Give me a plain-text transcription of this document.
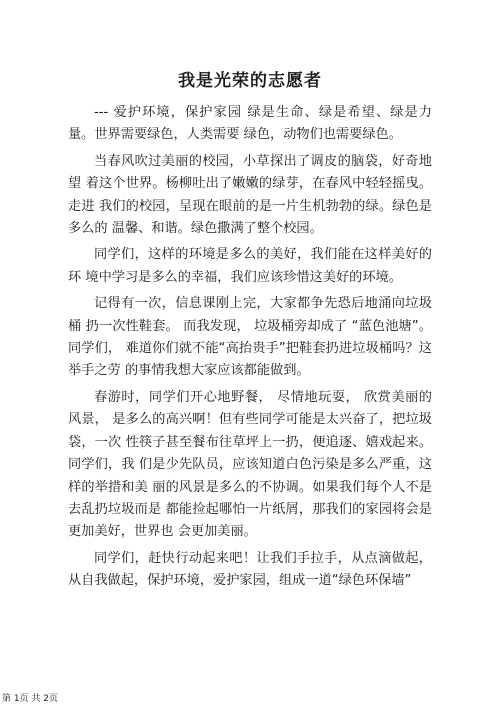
我是光荣的志愿者

--- 爱护环境，保护家园 绿是生命、绿是希望、绿是力量。世界需要绿色，人类需要 绿色，动物们也需要绿色。

当春风吹过美丽的校园，小草探出了调皮的脑袋，好奇地望 着这个世界。杨柳吐出了嫩嫩的绿芽，在春风中轻轻摇曳。走进 我们的校园，呈现在眼前的是一片生机勃勃的绿。绿色是多么的 温馨、和谐。绿色撒满了整个校园。

同学们，这样的环境是多么的美好，我们能在这样美好的环 境中学习是多么的幸福，我们应该珍惜这美好的环境。

记得有一次，信息课刚上完，大家都争先恐后地涌向垃圾桶 扔一次性鞋套。 而我发现， 垃圾桶旁却成了 “蓝色池塘”。同学们， 难道你们就不能“高抬贵手”把鞋套扔进垃圾桶吗？这举手之劳 的事情我想大家应该都能做到。

春游时，同学们开心地野餐， 尽情地玩耍， 欣赏美丽的风景， 是多么的高兴啊！但有些同学可能是太兴奋了，把垃圾袋，一次 性筷子甚至餐布往草坪上一扔，便追逐、嬉戏起来。同学们，我 们是少先队员，应该知道白色污染是多么严重，这样的举措和美 丽的风景是多么的不协调。如果我们每个人不是去乱扔垃圾而是 都能捡起哪怕一片纸屑，那我们的家园将会是更加美好，世界也 会更加美丽。

同学们，赶快行动起来吧！让我们手拉手，从点滴做起，从自我做起，保护环境，爱护家园，组成一道“绿色环保墙”

第 1页 共 2页
